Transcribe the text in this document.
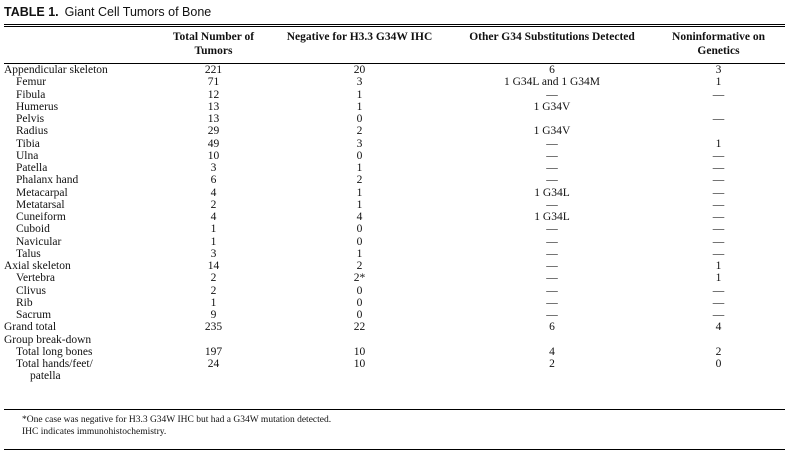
TABLE 1. Giant Cell Tumors of Bone
	Total Number of Tumors	Negative for H3.3 G34W IHC	Other G34 Substitutions Detected	Noninformative on Genetics
Appendicular skeleton	221	20	6	3
Femur	71	3	1 G34L and 1 G34M	1
Fibula	12	1	—	—
Humerus	13	1	1 G34V	
Pelvis	13	0		—
Radius	29	2	1 G34V	
Tibia	49	3	—	1
Ulna	10	0	—	—
Patella	3	1	—	—
Phalanx hand	6	2	—	—
Metacarpal	4	1	1 G34L	—
Metatarsal	2	1	—	—
Cuneiform	4	4	1 G34L	—
Cuboid	1	0	—	—
Navicular	1	0	—	—
Talus	3	1	—	—
Axial skeleton	14	2	—	1
Vertebra	2	2*	—	1
Clivus	2	0	—	—
Rib	1	0	—	—
Sacrum	9	0	—	—
Grand total	235	22	6	4
Group break-down				
Total long bones	197	10	4	2
Total hands/feet/	24	10	2	0
patella				
*One case was negative for H3.3 G34W IHC but had a G34W mutation detected.
IHC indicates immunohistochemistry.
